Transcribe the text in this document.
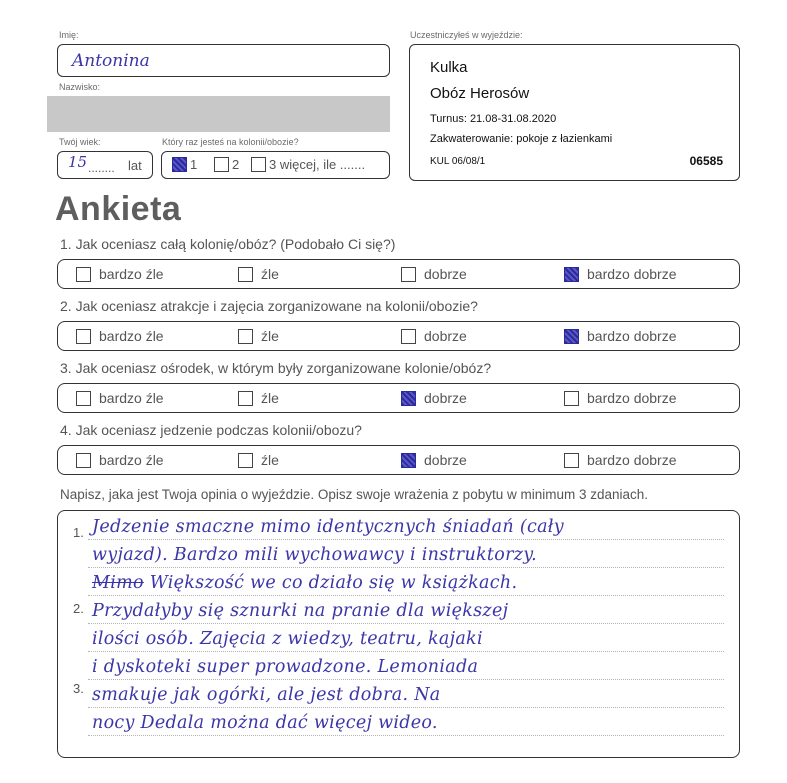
Imię:
Antonina
Nazwisko:
Twój wiek:
15 ........ lat
Który raz jesteś na kolonii/obozie?
1	2 3 więcej, ile .......
Uczestniczyłeś w wyjeździe:
Kulka
Obóz Herosów
Turnus: 21.08-31.08.2020
Zakwaterowanie: pokoje z łazienkami
KUL 06/08/1	06585
Ankieta
1. Jak oceniasz całą kolonię/obóz? (Podobało Ci się?)
bardzo źle	źle	dobrze	bardzo dobrze
2. Jak oceniasz atrakcje i zajęcia zorganizowane na kolonii/obozie?
bardzo źle	źle	dobrze	bardzo dobrze
3. Jak oceniasz ośrodek, w którym były zorganizowane kolonie/obóz?
bardzo źle	źle	dobrze	bardzo dobrze
4. Jak oceniasz jedzenie podczas kolonii/obozu?
bardzo źle	źle	dobrze	bardzo dobrze
Napisz, jaka jest Twoja opinia o wyjeździe. Opisz swoje wrażenia z pobytu w minimum 3 zdaniach.
1.
2.
3.
Jedzenie smaczne mimo identycznych śniadań (cały
wyjazd). Bardzo mili wychowawcy i instruktorzy.
Mimo Większość we co działo się w książkach.
Przydałyby się sznurki na pranie dla większej
ilości osób. Zajęcia z wiedzy, teatru, kajaki
i dyskoteki super prowadzone. Lemoniada
smakuje jak ogórki, ale jest dobra. Na
nocy Dedala można dać więcej wideo.
